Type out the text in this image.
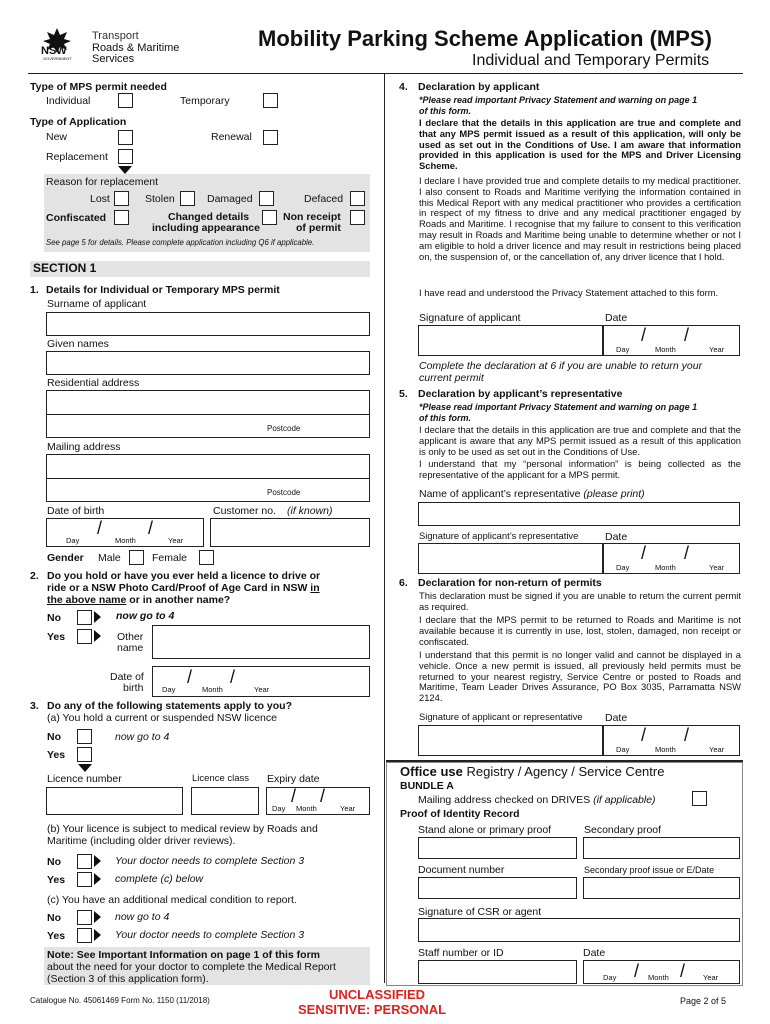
NSW
GOVERNMENT
Transport
Roads & Maritime
Services
Mobility Parking Scheme Application (MPS)
Individual and Temporary Permits
Type of MPS permit needed
Individual	Temporary
Type of Application
New	Renewal
Replacement
Reason for replacement
Lost	Stolen	Damaged	Defaced
Confiscated	Changed details
including appearance
Non receipt
of permit
See page 5 for details. Please complete application including Q6 if applicable.
SECTION 1
1. Details for Individual or Temporary MPS permit
Surname of applicant
Given names
Residential address
Postcode
Mailing address
Postcode
Date of birth
/	/
Day	Month	Year
Customer no. (if known)
Gender Male	Female
2. Do you hold or have you ever held a licence to drive or
ride or a NSW Photo Card/Proof of Age Card in NSW in
the above name or in another name?
No	now go to 4
Yes	Other
name
Date of
birth
/ /
Day	Month	Year
3. Do any of the following statements apply to you?
(a) You hold a current or suspended NSW licence
No	now go to 4
Yes
Licence number	Licence class Expiry date
/ /
Day Month	Year
(b) Your licence is subject to medical review by Roads and
Maritime (including older driver reviews).
No	Your doctor needs to complete Section 3
Yes	complete (c) below
(c) You have an additional medical condition to report.
No	now go to 4
Yes	Your doctor needs to complete Section 3
Note: See Important Information on page 1 of this form
about the need for your doctor to complete the Medical Report
(Section 3 of this application form).
4. Declaration by applicant
*Please read important Privacy Statement and warning on page 1
of this form.
I declare that the details in this application are true and complete and that any MPS permit issued as a result of this application, will only be used as set out in the Conditions of Use. I am aware that information provided in this application is used for the MPS and Driver Licensing Scheme.
I declare I have provided true and complete details to my medical practitioner. I also consent to Roads and Maritime verifying the information contained in this Medical Report with any medical practitioner who provides a certification in respect of my fitness to drive and any medical practitioner engaged by Roads and Maritime. I recognise that my failure to consent to this verification may result in Roads and Maritime being unable to determine whether or not I am eligible to hold a driver licence and may result in restrictions being placed on, the suspension of, or the cancellation of, any driver licence that I hold.
I have read and understood the Privacy Statement attached to this form.
Signature of applicant	Date
/ /
Day	Month	Year
Complete the declaration at 6 if you are unable to return your
current permit
5. Declaration by applicant’s representative
*Please read important Privacy Statement and warning on page 1
of this form.
I declare that the details in this application are true and complete and that the applicant is aware that any MPS permit issued as a result of this application is only to be used as set out in the Conditions of Use.
I understand that my “personal information” is being collected as the representative of the applicant for a MPS permit.
Name of applicant’s representative (please print)
Signature of applicant’s representative	Date
/ /
Day	Month	Year
6. Declaration for non-return of permits
This declaration must be signed if you are unable to return the current permit as required.
I declare that the MPS permit to be returned to Roads and Maritime is not available because it is currently in use, lost, stolen, damaged, non receipt or confiscated.
I understand that this permit is no longer valid and cannot be displayed in a vehicle. Once a new permit is issued, all previously held permits must be returned to your nearest registry, Service Centre or posted to Roads and Maritime, Team Leader Drives Assurance, PO Box 3035, Parramatta NSW 2124.
Signature of applicant or representative Date
/ /
Day	Month	Year
Office use Registry / Agency / Service Centre
BUNDLE A
Mailing address checked on DRIVES (if applicable)
Proof of Identity Record
Stand alone or primary proof	Secondary proof
Document number	Secondary proof issue or E/Date
Signature of CSR or agent
Staff number or ID	Date
/ /
Day	Month	Year
Catalogue No. 45061469 Form No. 1150 (11/2018)	UNCLASSIFIED
SENSITIVE: PERSONAL
Page 2 of 5
